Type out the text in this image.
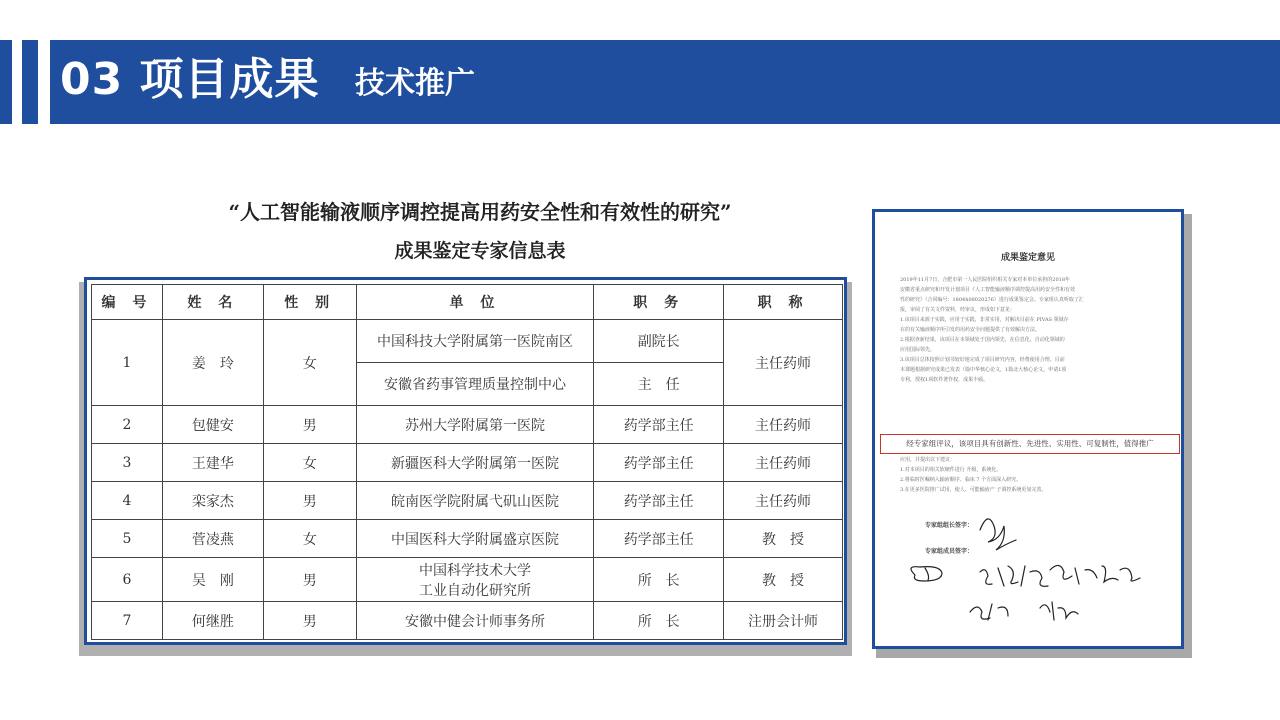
03 项目成果 技术推广
“人工智能输液顺序调控提高用药安全性和有效性的研究”
成果鉴定专家信息表
编 号	姓 名	性 别	单 位	职 务	职 称
1	姜　玲	女	中国科技大学附属第一医院南区	副院长	主任药师
			安徽省药事管理质量控制中心	主　任	
2	包健安	男	苏州大学附属第一医院	药学部主任	主任药师
3	王建华	女	新疆医科大学附属第一医院	药学部主任	主任药师
4	栾家杰	男	皖南医学院附属弋矶山医院	药学部主任	主任药师
5	菅凌燕	女	中国医科大学附属盛京医院	药学部主任	教　授
6	吴　刚	男	中国科学技术大学
工业自动化研究所	所　长	教　授
7	何继胜	男	安徽中健会计师事务所	所　长	注册会计师
成果鉴定意见
2019年11月7日，合肥市第一人民医院组织相关专家对本单位承担的2018年
安徽省重点研究和开发计划项目《人工智能输液顺序调控提高用药安全性和有效
性的研究》（合同编号：1804h08020276）进行成果鉴定会。专家组认真听取了汇
报，审阅了有关文件资料，经审议，形成如下意见：
1.该项目来源于实践，应用于实践，非常实用，对解决目前在 PIVAS 领域存
在的有关输液顺序所引发的用药安全问题提供了有效解决方法。
2.根据查新结果，该项目在本领域处于国内领先，在信息化、自动化领域的
应用国际领先。
3.该项目总体按照计划书较好地完成了项目研究内容，经费使用合理。目前
本课题根据研究成果已发表（篇中华核心论文，1篇北大核心论文，申请1项
专利，授权1项软件著作权，成果丰硕。
经专家组评议，该项目具有创新性、先进性、实用性、可复制性，值得推广
应用，并提出以下建议：
1.对本项目的相关软硬件进行 升级，系统化。
2.将临时医嘱纳入输液顺序、临床 7 个方面深入研究。
3.在更多医院推广试用，使人、可能输液产 子调控系统更加完善。
专家组组长签字：
专家组成员签字：
